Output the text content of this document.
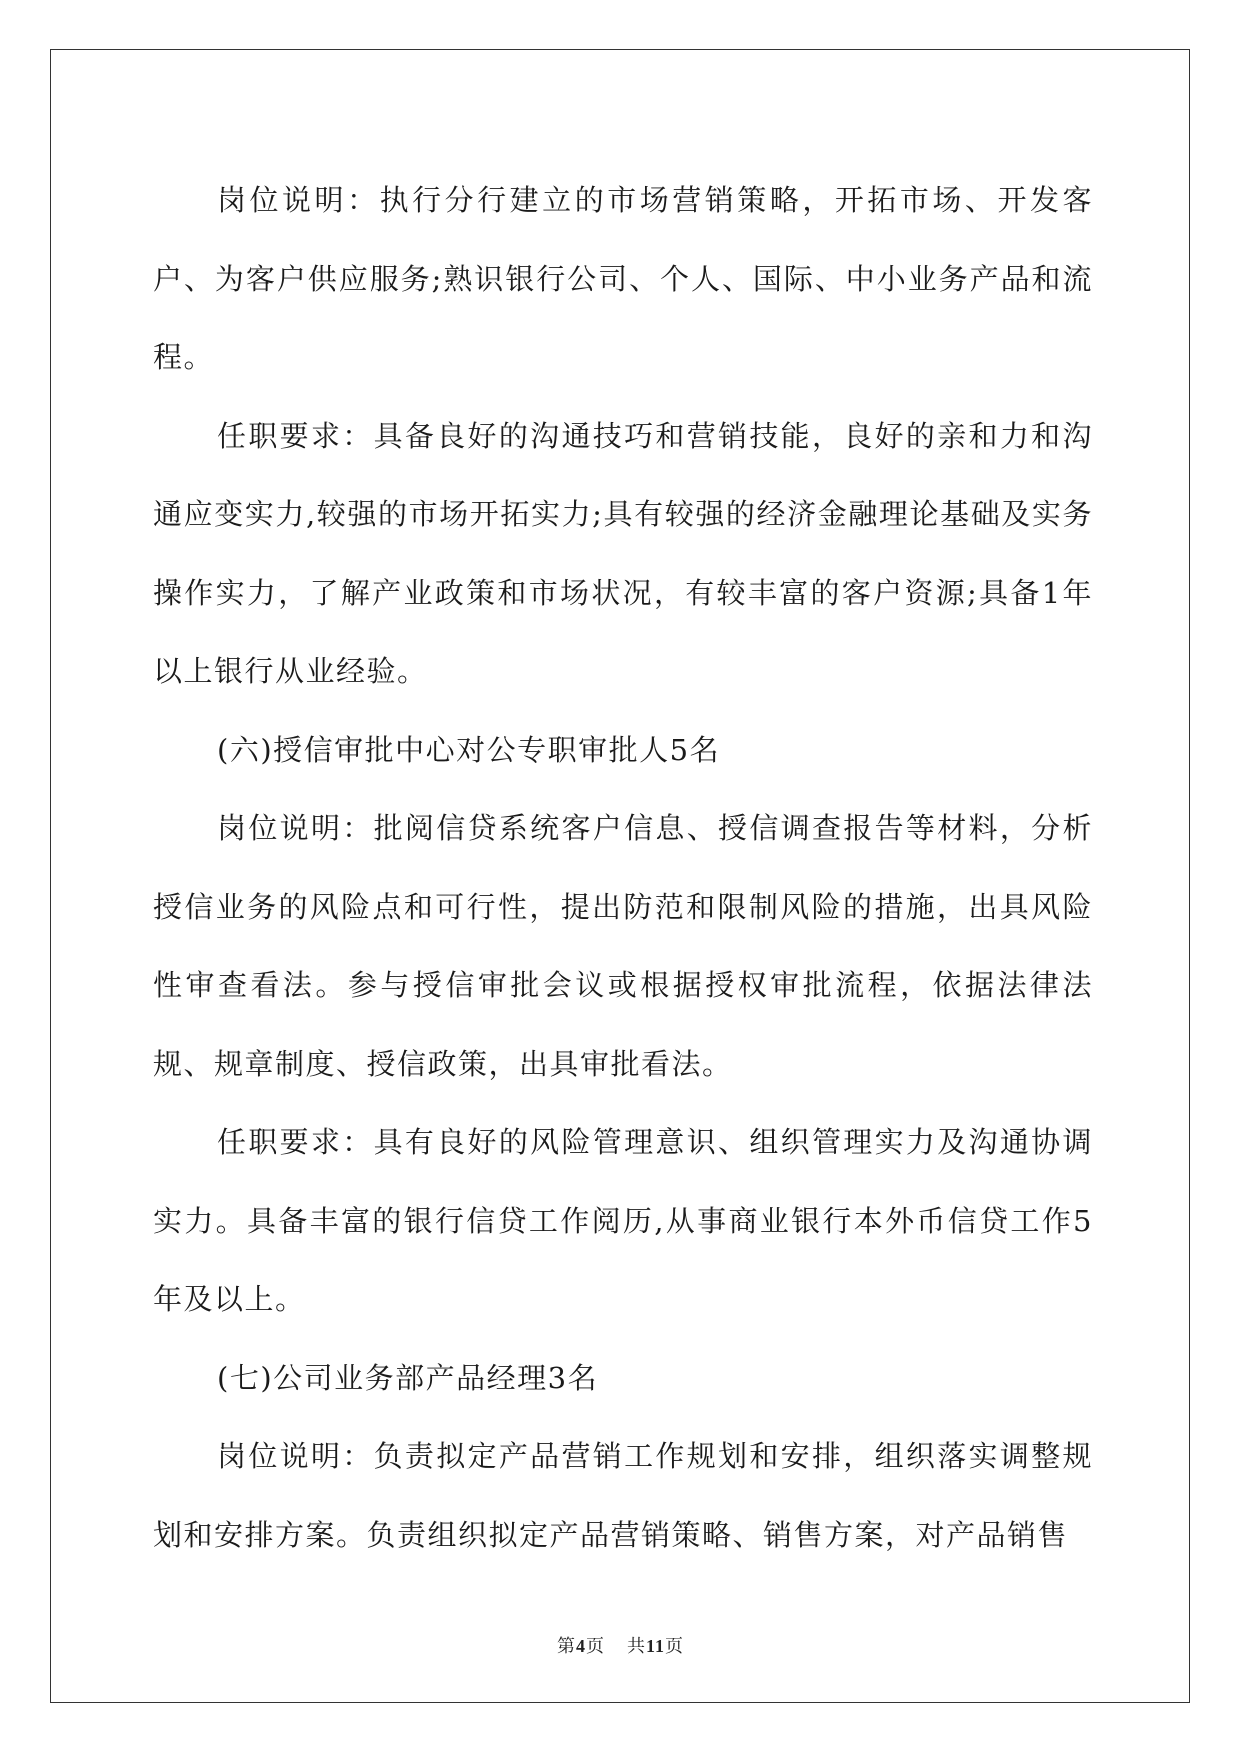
岗位说明：执行分行建立的市场营销策略，开拓市场、开发客户、为客户供应服务;熟识银行公司、个人、国际、中小业务产品和流程。

任职要求：具备良好的沟通技巧和营销技能，良好的亲和力和沟通应变实力,较强的市场开拓实力;具有较强的经济金融理论基础及实务操作实力，了解产业政策和市场状况，有较丰富的客户资源;具备1年以上银行从业经验。

(六)授信审批中心对公专职审批人5名

岗位说明：批阅信贷系统客户信息、授信调查报告等材料，分析授信业务的风险点和可行性，提出防范和限制风险的措施，出具风险性审查看法。参与授信审批会议或根据授权审批流程，依据法律法规、规章制度、授信政策，出具审批看法。

任职要求：具有良好的风险管理意识、组织管理实力及沟通协调实力。具备丰富的银行信贷工作阅历,从事商业银行本外币信贷工作5年及以上。

(七)公司业务部产品经理3名

岗位说明：负责拟定产品营销工作规划和安排，组织落实调整规划和安排方案。负责组织拟定产品营销策略、销售方案，对产品销售

第4页 共11页
